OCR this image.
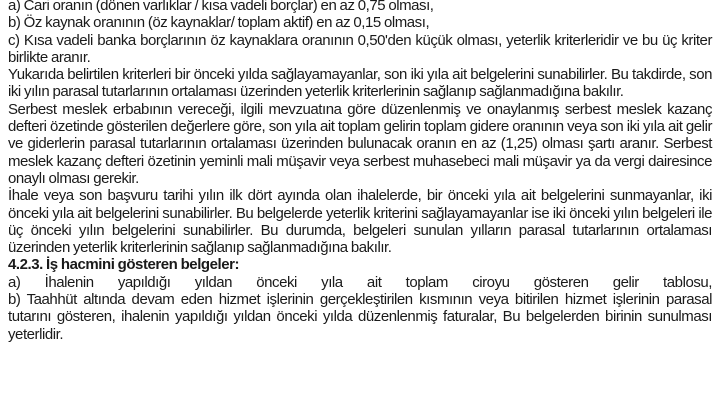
a) Cari oranın (dönen varlıklar / kısa vadeli borçlar) en az 0,75 olması,

b) Öz kaynak oranının (öz kaynaklar/ toplam aktif) en az 0,15 olması,

c) Kısa vadeli banka borçlarının öz kaynaklara oranının 0,50'den küçük olması, yeterlik kriterleridir ve bu üç kriter birlikte aranır.

Yukarıda belirtilen kriterleri bir önceki yılda sağlayamayanlar, son iki yıla ait belgelerini sunabilirler. Bu takdirde, son iki yılın parasal tutarlarının ortalaması üzerinden yeterlik kriterlerinin sağlanıp sağlanmadığına bakılır.

Serbest meslek erbabının vereceği, ilgili mevzuatına göre düzenlenmiş ve onaylanmış serbest meslek kazanç defteri özetinde gösterilen değerlere göre, son yıla ait toplam gelirin toplam gidere oranının veya son iki yıla ait gelir ve giderlerin parasal tutarlarının ortalaması üzerinden bulunacak oranın en az (1,25) olması şartı aranır. Serbest meslek kazanç defteri özetinin yeminli mali müşavir veya serbest muhasebeci mali müşavir ya da vergi dairesince onaylı olması gerekir.

İhale veya son başvuru tarihi yılın ilk dört ayında olan ihalelerde, bir önceki yıla ait belgelerini sunmayanlar, iki önceki yıla ait belgelerini sunabilirler. Bu belgelerde yeterlik kriterini sağlayamayanlar ise iki önceki yılın belgeleri ile üç önceki yılın belgelerini sunabilirler. Bu durumda, belgeleri sunulan yılların parasal tutarlarının ortalaması üzerinden yeterlik kriterlerinin sağlanıp sağlanmadığına bakılır.

4.2.3. İş hacmini gösteren belgeler:

a) İhalenin yapıldığı yıldan önceki yıla ait toplam ciroyu gösteren gelir tablosu,

b) Taahhüt altında devam eden hizmet işlerinin gerçekleştirilen kısmının veya bitirilen hizmet işlerinin parasal tutarını gösteren, ihalenin yapıldığı yıldan önceki yılda düzenlenmiş faturalar, Bu belgelerden birinin sunulması yeterlidir.
